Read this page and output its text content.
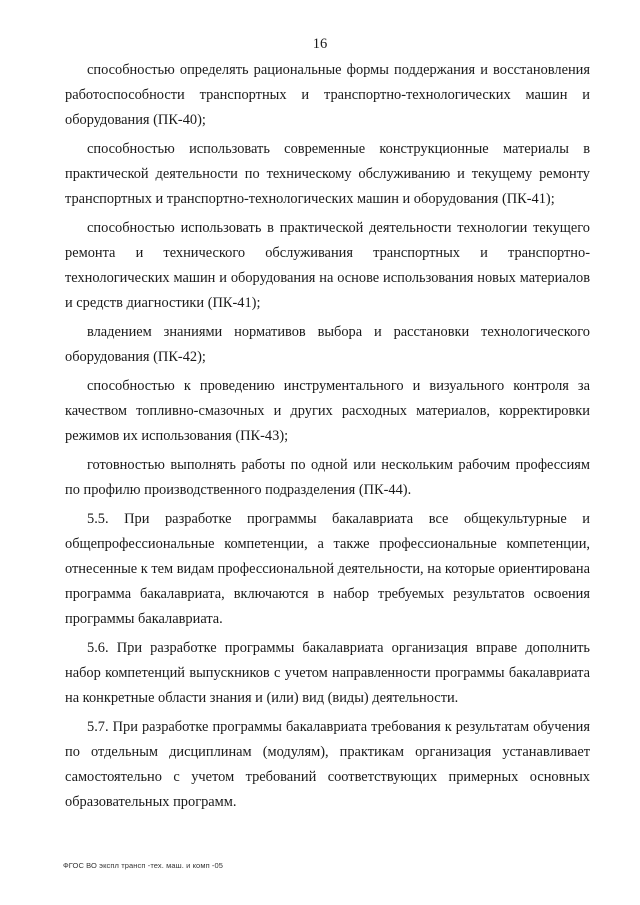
16

способностью определять рациональные формы поддержания и восстановления работоспособности транспортных и транспортно-технологических машин и оборудования (ПК-40);

способностью использовать современные конструкционные материалы в практической деятельности по техническому обслуживанию и текущему ремонту транспортных и транспортно-технологических машин и оборудования (ПК-41);

способностью использовать в практической деятельности технологии текущего ремонта и технического обслуживания транспортных и транспортно-технологических машин и оборудования на основе использования новых материалов и средств диагностики (ПК-41);

владением знаниями нормативов выбора и расстановки технологического оборудования (ПК-42);

способностью к проведению инструментального и визуального контроля за качеством топливно-смазочных и других расходных материалов, корректировки режимов их использования (ПК-43);

готовностью выполнять работы по одной или нескольким рабочим профессиям по профилю производственного подразделения (ПК-44).

5.5. При разработке программы бакалавриата все общекультурные и общепрофессиональные компетенции, а также профессиональные компетенции, отнесенные к тем видам профессиональной деятельности, на которые ориентирована программа бакалавриата, включаются в набор требуемых результатов освоения программы бакалавриата.

5.6. При разработке программы бакалавриата организация вправе дополнить набор компетенций выпускников с учетом направленности программы бакалавриата на конкретные области знания и (или) вид (виды) деятельности.

5.7. При разработке программы бакалавриата требования к результатам обучения по отдельным дисциплинам (модулям), практикам организация устанавливает самостоятельно с учетом требований соответствующих примерных основных образовательных программ.

ФГОС ВО экспл трансп -тех. маш. и комп -05
